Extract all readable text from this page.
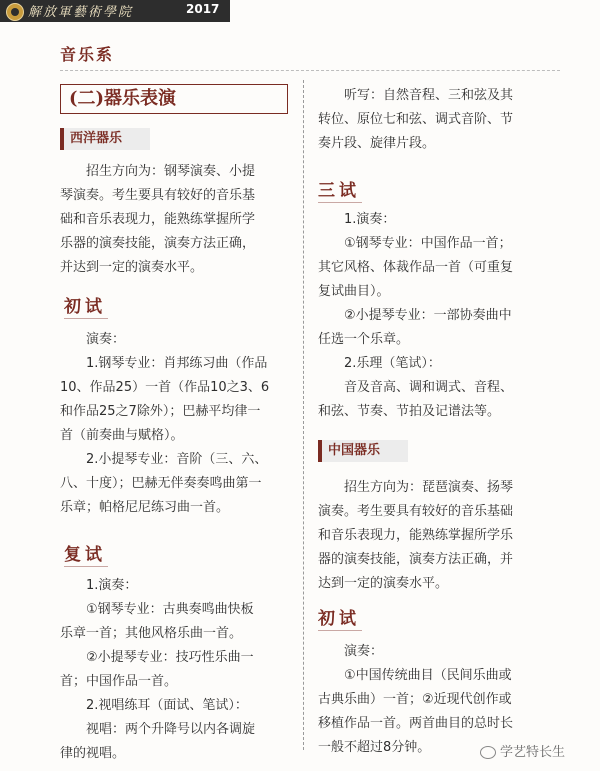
解放軍藝術學院	2017
音乐系
(二)器乐表演
西洋器乐
　　招生方向为：钢琴演奏、小提
琴演奏。考生要具有较好的音乐基
础和音乐表现力，能熟练掌握所学
乐器的演奏技能，演奏方法正确，
并达到一定的演奏水平。
初试
　　演奏：
　　1.钢琴专业：肖邦练习曲（作品
10、作品25）一首（作品10之3、6
和作品25之7除外）；巴赫平均律一
首（前奏曲与赋格）。
　　2.小提琴专业：音阶（三、六、
八、十度）；巴赫无伴奏奏鸣曲第一
乐章；帕格尼尼练习曲一首。
复试
　　1.演奏：
　　①钢琴专业：古典奏鸣曲快板
乐章一首；其他风格乐曲一首。
　　②小提琴专业：技巧性乐曲一
首；中国作品一首。
　　2.视唱练耳（面试、笔试）：
　　视唱：两个升降号以内各调旋
律的视唱。
　　听写：自然音程、三和弦及其
转位、原位七和弦、调式音阶、节
奏片段、旋律片段。
三试
　　1.演奏：
　　①钢琴专业：中国作品一首；
其它风格、体裁作品一首（可重复
复试曲目）。
　　②小提琴专业：一部协奏曲中
任选一个乐章。
　　2.乐理（笔试）：
　　音及音高、调和调式、音程、
和弦、节奏、节拍及记谱法等。
中国器乐
　　招生方向为：琵琶演奏、扬琴
演奏。考生要具有较好的音乐基础
和音乐表现力，能熟练掌握所学乐
器的演奏技能，演奏方法正确，并
达到一定的演奏水平。
初试
　　演奏：
　　①中国传统曲目（民间乐曲或
古典乐曲）一首；②近现代创作或
移植作品一首。两首曲目的总时长
一般不超过8分钟。	学艺特长生
